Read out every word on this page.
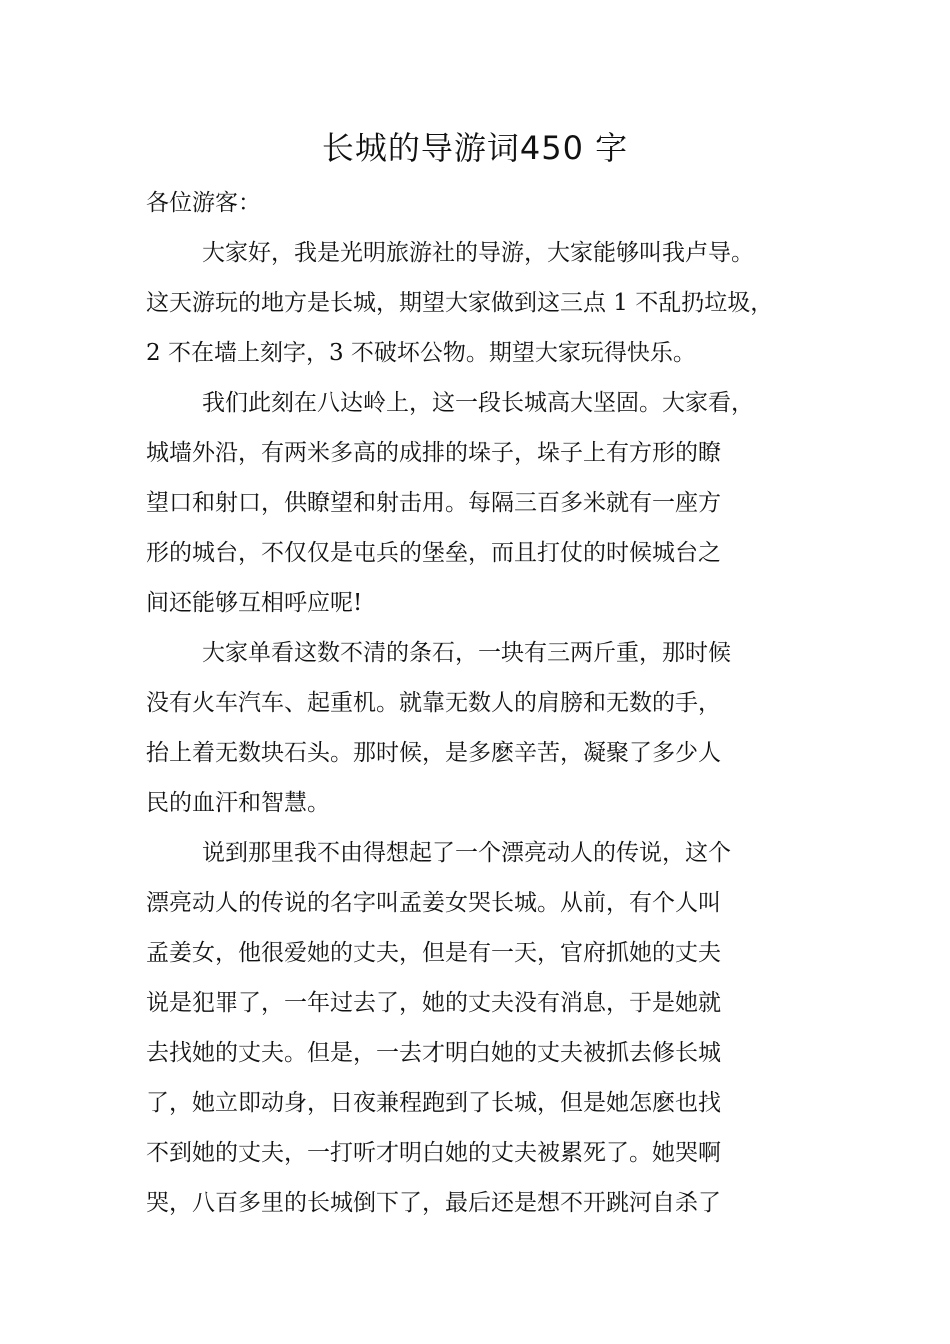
长城的导游词450 字

各位游客：

大家好，我是光明旅游社的导游，大家能够叫我卢导。
这天游玩的地方是长城，期望大家做到这三点 1 不乱扔垃圾，
2 不在墙上刻字，3 不破坏公物。期望大家玩得快乐。

我们此刻在八达岭上，这一段长城高大坚固。大家看，
城墙外沿，有两米多高的成排的垛子，垛子上有方形的瞭
望口和射口，供瞭望和射击用。每隔三百多米就有一座方
形的城台，不仅仅是屯兵的堡垒，而且打仗的时候城台之
间还能够互相呼应呢!

大家单看这数不清的条石，一块有三两斤重，那时候
没有火车汽车、起重机。就靠无数人的肩膀和无数的手，
抬上着无数块石头。那时候，是多麽辛苦，凝聚了多少人
民的血汗和智慧。

说到那里我不由得想起了一个漂亮动人的传说，这个
漂亮动人的传说的名字叫孟姜女哭长城。从前，有个人叫
孟姜女，他很爱她的丈夫，但是有一天，官府抓她的丈夫
说是犯罪了，一年过去了，她的丈夫没有消息，于是她就
去找她的丈夫。但是，一去才明白她的丈夫被抓去修长城
了，她立即动身，日夜兼程跑到了长城，但是她怎麽也找
不到她的丈夫，一打听才明白她的丈夫被累死了。她哭啊
哭，八百多里的长城倒下了，最后还是想不开跳河自杀了
